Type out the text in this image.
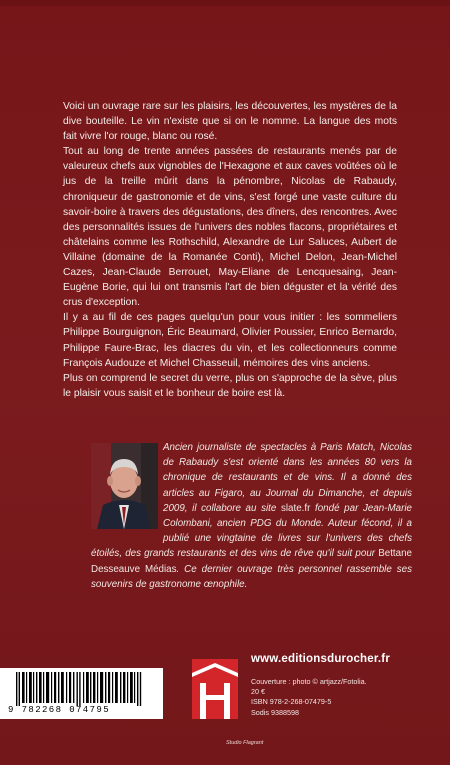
Voici un ouvrage rare sur les plaisirs, les découvertes, les mystères de la dive bouteille. Le vin n'existe que si on le nomme. La langue des mots fait vivre l'or rouge, blanc ou rosé.

Tout au long de trente années passées de restaurants menés par de valeureux chefs aux vignobles de l'Hexagone et aux caves voûtées où le jus de la treille mûrit dans la pénombre, Nicolas de Rabaudy, chroniqueur de gastronomie et de vins, s'est forgé une vaste culture du savoir-boire à travers des dégustations, des dîners, des rencontres. Avec des personnalités issues de l'univers des nobles flacons, propriétaires et châtelains comme les Rothschild, Alexandre de Lur Saluces, Aubert de Villaine (domaine de la Romanée Conti), Michel Delon, Jean-Michel Cazes, Jean-Claude Berrouet, May-Eliane de Lencquesaing, Jean-Eugène Borie, qui lui ont transmis l'art de bien déguster et la vérité des crus d'exception.

Il y a au fil de ces pages quelqu'un pour vous initier : les sommeliers Philippe Bourguignon, Éric Beaumard, Olivier Poussier, Enrico Bernardo, Philippe Faure-Brac, les diacres du vin, et les collectionneurs comme François Audouze et Michel Chasseuil, mémoires des vins anciens.

Plus on comprend le secret du verre, plus on s'approche de la sève, plus le plaisir vous saisit et le bonheur de boire est là.

Ancien journaliste de spectacles à Paris Match, Nicolas de Rabaudy s'est orienté dans les années 80 vers la chronique de restaurants et de vins. Il a donné des articles au Figaro, au Journal du Dimanche, et depuis 2009, il collabore au site slate.fr fondé par Jean-Marie Colombani, ancien PDG du Monde. Auteur fécond, il a publié une vingtaine de livres sur l'univers des chefs étoilés, des grands restaurants et des vins de rêve qu'il suit pour Bettane Desseauve Médias. Ce dernier ouvrage très personnel rassemble ses souvenirs de gastronome œnophile.
www.editionsdurocher.fr
Couverture : photo © artjazz/Fotolia.
20 €
ISBN 978-2-268-07479-5
Sodis 9388598
9 782268 074795
Studio Flagrant
